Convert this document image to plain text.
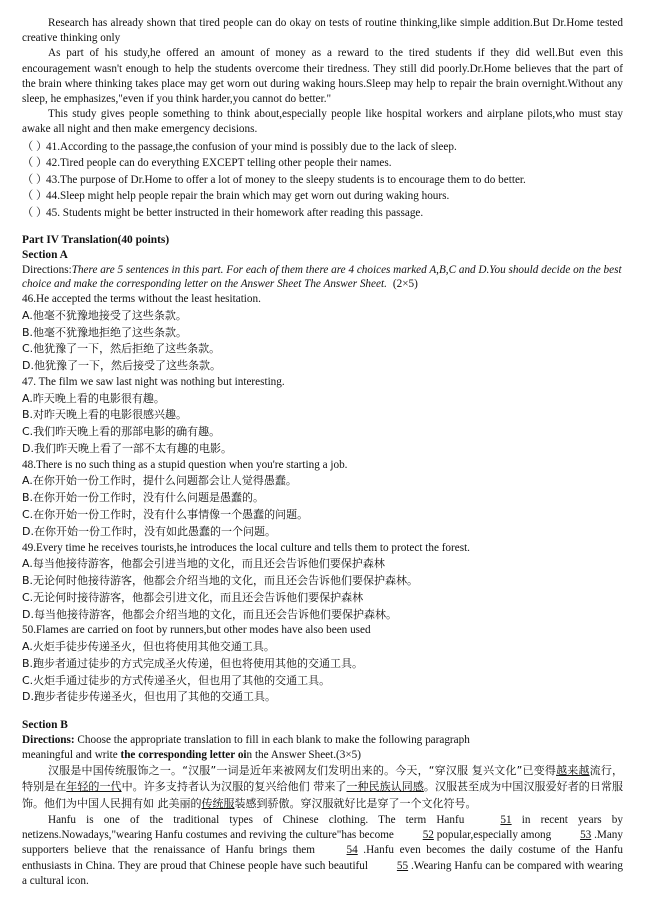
Research has already shown that tired people can do okay on tests of routine thinking,like simple addition.But Dr.Home tested creative thinking only

As part of his study,he offered an amount of money as a reward to the tired students if they did well.But even this encouragement wasn't enough to help the students overcome their tiredness. They still did poorly.Dr.Home believes that the part of the brain where thinking takes place may get worn out during waking hours.Sleep may help to repair the brain overnight.Without any sleep, he emphasizes,"even if you think harder,you cannot do better."

This study gives people something to think about,especially people like hospital workers and airplane pilots,who must stay awake all night and then make emergency decisions.

（ ）41.According to the passage,the confusion of your mind is possibly due to the lack of sleep.

（ ）42.Tired people can do everything EXCEPT telling other people their names.

（ ）43.The purpose of Dr.Home to offer a lot of money to the sleepy students is to encourage them to do better.

（ ）44.Sleep might help people repair the brain which may get worn out during waking hours.

（ ）45. Students might be better instructed in their homework after reading this passage.

Part IV Translation(40 points)

Section A

Directions:There are 5 sentences in this part. For each of them there are 4 choices marked A,B,C and D.You should decide on the best choice and make the corresponding letter on the Answer Sheet The Answer Sheet. (2×5)

46.He accepted the terms without the least hesitation.

A.他毫不犹豫地接受了这些条款。

B.他毫不犹豫地拒绝了这些条款。

C.他犹豫了一下，然后拒绝了这些条款。

D.他犹豫了一下，然后接受了这些条款。

47. The film we saw last night was nothing but interesting.

A.昨天晚上看的电影很有趣。

B.对昨天晚上看的电影很感兴趣。

C.我们昨天晚上看的那部电影的确有趣。

D.我们昨天晚上看了一部不太有趣的电影。

48.There is no such thing as a stupid question when you're starting a job.

A.在你开始一份工作时，提什么问题都会让人觉得愚蠢。

B.在你开始一份工作时，没有什么问题是愚蠢的。

C.在你开始一份工作时，没有什么事情像一个愚蠢的问题。

D.在你开始一份工作时，没有如此愚蠢的一个问题。

49.Every time he receives tourists,he introduces the local culture and tells them to protect the forest.

A.每当他接待游客，他都会引进当地的文化，而且还会告诉他们要保护森林

B.无论何时他接待游客，他都会介绍当地的文化，而且还会告诉他们要保护森林。

C.无论何时接待游客，他都会引进文化，而且还会告诉他们要保护森林

D.每当他接待游客，他都会介绍当地的文化，而且还会告诉他们要保护森林。

50.Flames are carried on foot by runners,but other modes have also been used

A.火炬手徒步传递圣火，但也将使用其他交通工具。

B.跑步者通过徒步的方式完成圣火传递，但也将使用其他的交通工具。

C.火炬手通过徒步的方式传递圣火，但也用了其他的交通工具。

D.跑步者徒步传递圣火，但也用了其他的交通工具。

Section B

Directions: Choose the appropriate translation to fill in each blank to make the following paragraph meaningful and write the corresponding letter oin the Answer Sheet.(3×5)

汉服是中国传统服饰之一。“汉服”一词是近年来被网友们发明出来的。今天，“穿汉服 复兴文化”已变得越来越流行，特别是在年轻的一代中。许多支持者认为汉服的复兴给他们 带来了一种民族认同感。汉服甚至成为中国汉服爱好者的日常服饰。他们为中国人民拥有如 此美丽的传统服装感到骄傲。穿汉服就好比是穿了一个文化符号。

Hanfu is one of the traditional types of Chinese clothing. The term Hanfu 51 in recent years by netizens.Nowadays,"wearing Hanfu costumes and reviving the culture"has become 52 popular,especially among 53 .Many supporters believe that the renaissance of Hanfu brings them 54 .Hanfu even becomes the daily costume of the Hanfu enthusiasts in China. They are proud that Chinese people have such beautiful 55 .Wearing Hanfu can be compared with wearing a cultural icon.
